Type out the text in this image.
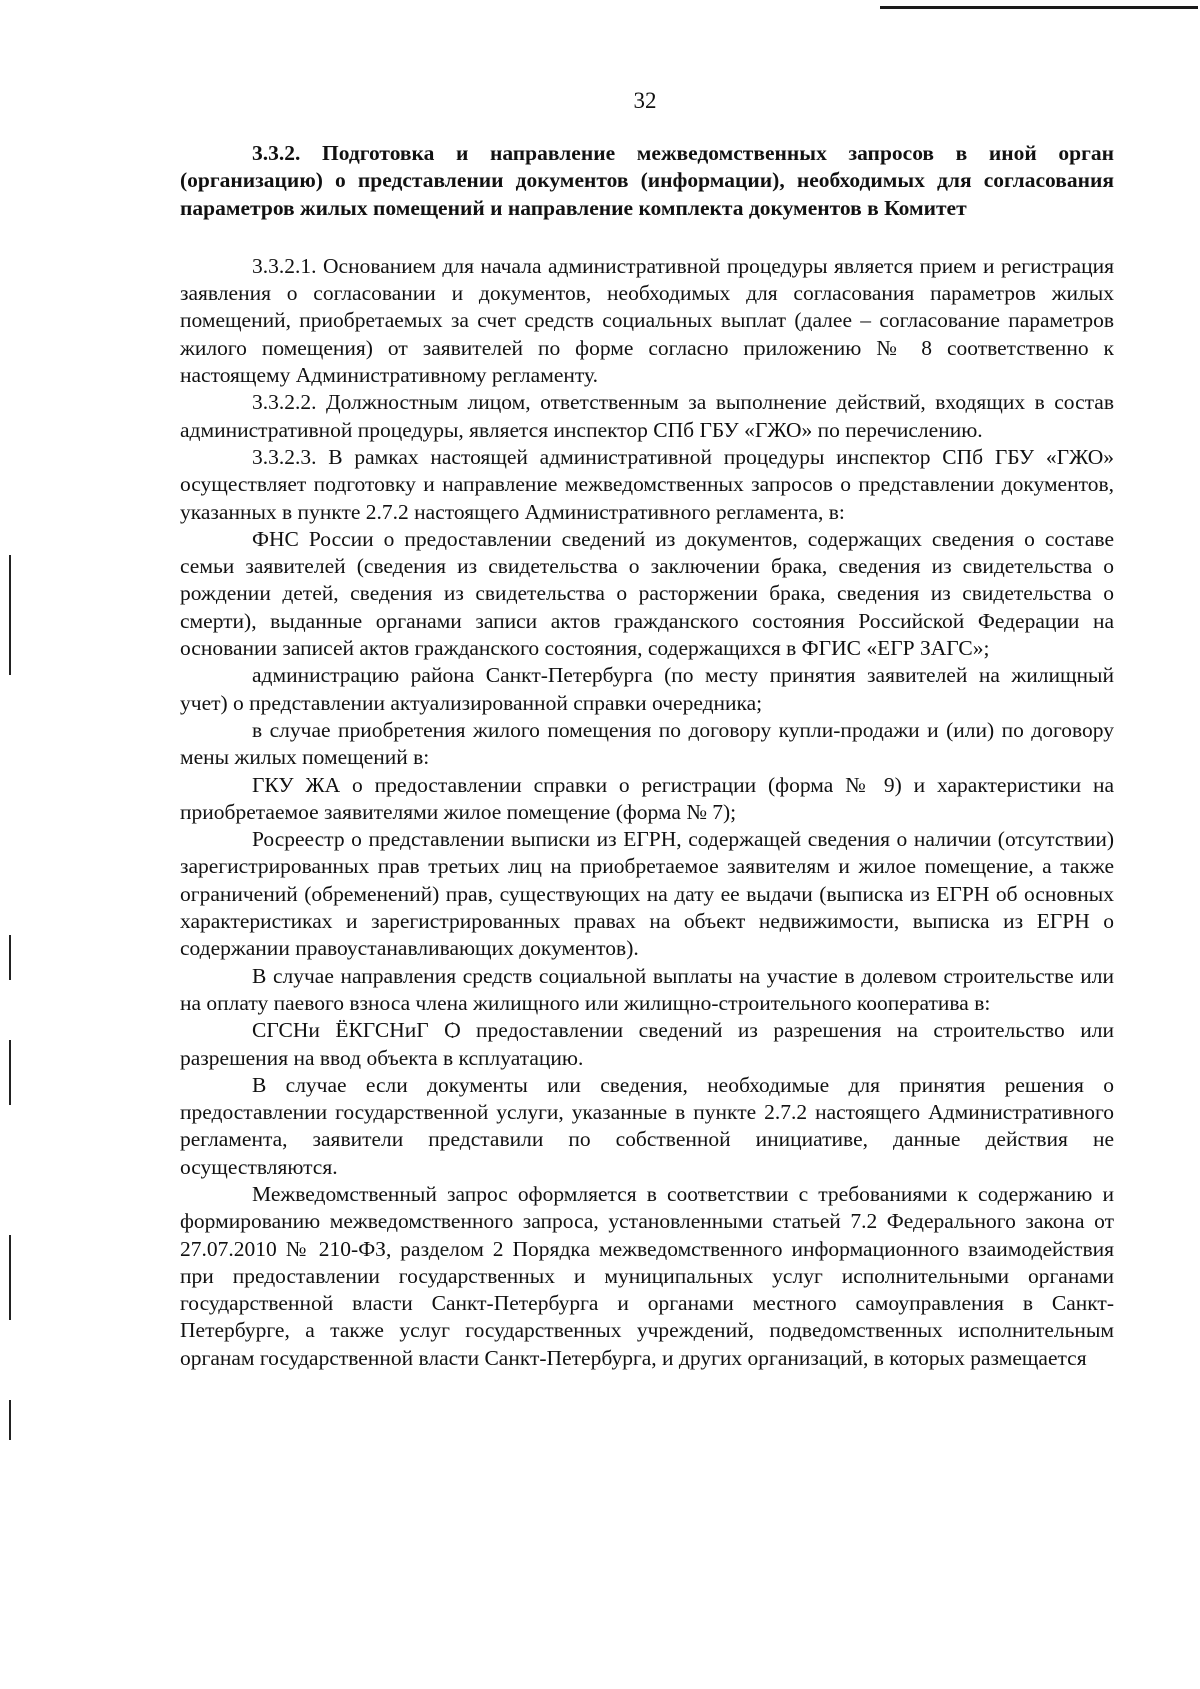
32

3.3.2. Подготовка и направление межведомственных запросов в иной орган (организацию) о представлении документов (информации), необходимых для согласования параметров жилых помещений и направление комплекта документов в Комитет

3.3.2.1. Основанием для начала административной процедуры является прием и регистрация заявления о согласовании и документов, необходимых для согласования параметров жилых помещений, приобретаемых за счет средств социальных выплат (далее – согласование параметров жилого помещения) от заявителей по форме согласно приложению № 8 соответственно к настоящему Административному регламенту.

3.3.2.2. Должностным лицом, ответственным за выполнение действий, входящих в состав административной процедуры, является инспектор СПб ГБУ «ГЖО» по перечислению.

3.3.2.3. В рамках настоящей административной процедуры инспектор СПб ГБУ «ГЖО» осуществляет подготовку и направление межведомственных запросов о представлении документов, указанных в пункте 2.7.2 настоящего Административного регламента, в:

ФНС России о предоставлении сведений из документов, содержащих сведения о составе семьи заявителей (сведения из свидетельства о заключении брака, сведения из свидетельства о рождении детей, сведения из свидетельства о расторжении брака, сведения из свидетельства о смерти), выданные органами записи актов гражданского состояния Российской Федерации на основании записей актов гражданского состояния, содержащихся в ФГИС «ЕГР ЗАГС»;

администрацию района Санкт-Петербурга (по месту принятия заявителей на жилищный учет) о представлении актуализированной справки очередника;

в случае приобретения жилого помещения по договору купли-продажи и (или) по договору мены жилых помещений в:

ГКУ ЖА о предоставлении справки о регистрации (форма № 9) и характеристики на приобретаемое заявителями жилое помещение (форма № 7);

Росреестр о представлении выписки из ЕГРН, содержащей сведения о наличии (отсутствии) зарегистрированных прав третьих лиц на приобретаемое заявителям и жилое помещение, а также ограничений (обременений) прав, существующих на дату ее выдачи (выписка из ЕГРН об основных характеристиках и зарегистрированных правах на объект недвижимости, выписка из ЕГРН о содержании правоустанавливающих документов).

В случае направления средств социальной выплаты на участие в долевом строительстве или на оплату паевого взноса члена жилищного или жилищно-строительного кооператива в:

СГСНи ЁКГСНиГ Ѻ предоставлении сведений из разрешения на строительство или разрешения на ввод объекта в ксплуатацию.

В случае если документы или сведения, необходимые для принятия решения о предоставлении государственной услуги, указанные в пункте 2.7.2 настоящего Административного регламента, заявители представили по собственной инициативе, данные действия не осуществляются.

Межведомственный запрос оформляется в соответствии с требованиями к содержанию и формированию межведомственного запроса, установленными статьей 7.2 Федерального закона от 27.07.2010 № 210-ФЗ, разделом 2 Порядка межведомственного информационного взаимодействия при предоставлении государственных и муниципальных услуг исполнительными органами государственной власти Санкт-Петербурга и органами местного самоуправления в Санкт-Петербурге, а также услуг государственных учреждений, подведомственных исполнительным органам государственной власти Санкт-Петербурга, и других организаций, в которых размещается
